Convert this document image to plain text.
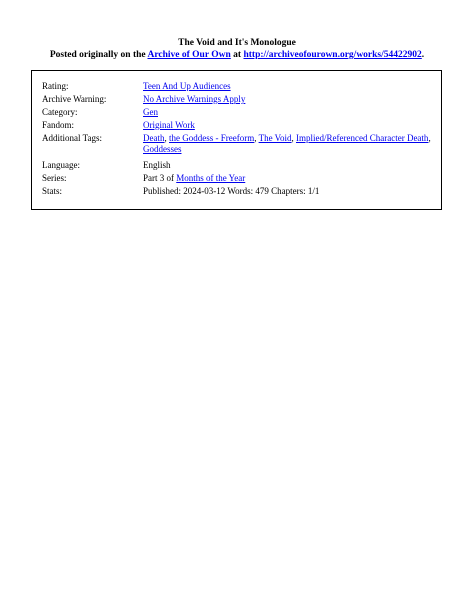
The Void and It's Monologue
Posted originally on the Archive of Our Own at http://archiveofourown.org/works/54422902.
Rating:	Teen And Up Audiences
Archive Warning:	No Archive Warnings Apply
Category:	Gen
Fandom:	Original Work
Additional Tags:	Death, the Goddess - Freeform, The Void, Implied/Referenced Character Death, Goddesses
Language:	English
Series:	Part 3 of Months of the Year
Stats:	Published: 2024-03-12 Words: 479 Chapters: 1/1
